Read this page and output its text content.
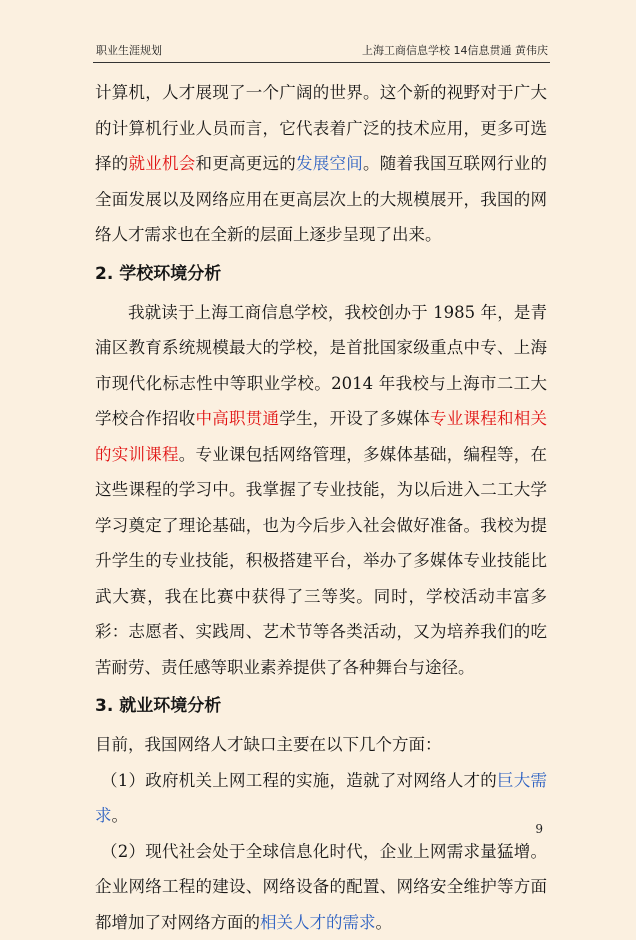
职业生涯规划	上海工商信息学校 14信息贯通 黄伟庆

计算机，人才展现了一个广阔的世界。这个新的视野对于广大的计算机行业人员而言，它代表着广泛的技术应用，更多可选择的就业机会和更高更远的发展空间。随着我国互联网行业的全面发展以及网络应用在更高层次上的大规模展开，我国的网络人才需求也在全新的层面上逐步呈现了出来。

2. 学校环境分析

我就读于上海工商信息学校，我校创办于 1985 年，是青浦区教育系统规模最大的学校，是首批国家级重点中专、上海市现代化标志性中等职业学校。2014 年我校与上海市二工大学校合作招收中高职贯通学生，开设了多媒体专业课程和相关的实训课程。专业课包括网络管理，多媒体基础，编程等，在这些课程的学习中。我掌握了专业技能，为以后进入二工大学学习奠定了理论基础，也为今后步入社会做好准备。我校为提升学生的专业技能，积极搭建平台，举办了多媒体专业技能比武大赛，我在比赛中获得了三等奖。同时，学校活动丰富多彩：志愿者、实践周、艺术节等各类活动，又为培养我们的吃苦耐劳、责任感等职业素养提供了各种舞台与途径。

3. 就业环境分析

目前，我国网络人才缺口主要在以下几个方面：

（1）政府机关上网工程的实施，造就了对网络人才的巨大需求。

（2）现代社会处于全球信息化时代，企业上网需求量猛增。企业网络工程的建设、网络设备的配置、网络安全维护等方面都增加了对网络方面的相关人才的需求。

9
